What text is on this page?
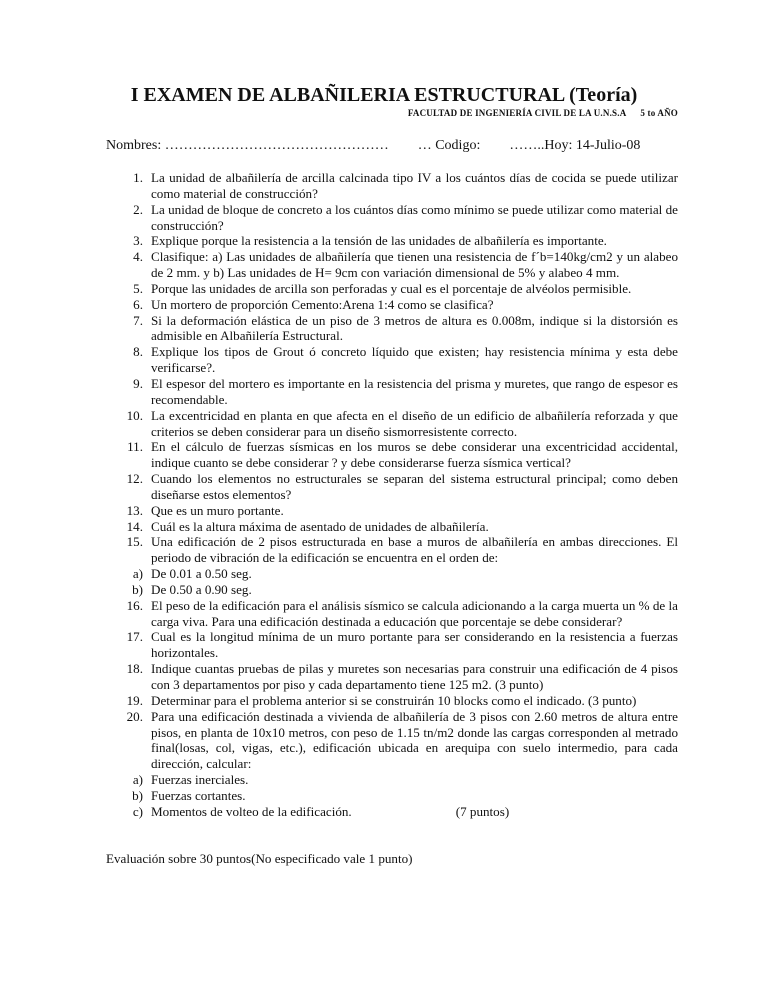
I EXAMEN DE ALBAÑILERIA ESTRUCTURAL (Teoría)
FACULTAD DE INGENIERÍA CIVIL DE LA U.N.S.A 5 to AÑO
Nombres: ………………………………………… … Codigo: ……..Hoy: 14-Julio-08
1. La unidad de albañilería de arcilla calcinada tipo IV a los cuántos días de cocida se puede utilizar como material de construcción?
2. La unidad de bloque de concreto a los cuántos días como mínimo se puede utilizar como material de construcción?
3. Explique porque la resistencia a la tensión de las unidades de albañilería es importante.
4. Clasifique: a) Las unidades de albañilería que tienen una resistencia de f´b=140kg/cm2 y un alabeo de 2 mm. y b) Las unidades de H= 9cm con variación dimensional de 5% y alabeo 4 mm.
5. Porque las unidades de arcilla son perforadas y cual es el porcentaje de alvéolos permisible.
6. Un mortero de proporción Cemento:Arena 1:4 como se clasifica?
7. Si la deformación elástica de un piso de 3 metros de altura es 0.008m, indique si la distorsión es admisible en Albañilería Estructural.
8. Explique los tipos de Grout ó concreto líquido que existen; hay resistencia mínima y esta debe verificarse?.
9. El espesor del mortero es importante en la resistencia del prisma y muretes, que rango de espesor es recomendable.
10. La excentricidad en planta en que afecta en el diseño de un edificio de albañilería reforzada y que criterios se deben considerar para un diseño sismorresistente correcto.
11. En el cálculo de fuerzas sísmicas en los muros se debe considerar una excentricidad accidental, indique cuanto se debe considerar ? y debe considerarse fuerza sísmica vertical?
12. Cuando los elementos no estructurales se separan del sistema estructural principal; como deben diseñarse estos elementos?
13. Que es un muro portante.
14. Cuál es la altura máxima de asentado de unidades de albañilería.
15. Una edificación de 2 pisos estructurada en base a muros de albañilería en ambas direcciones. El periodo de vibración de la edificación se encuentra en el orden de:
a) De 0.01 a 0.50 seg.
b) De 0.50 a 0.90 seg.
16. El peso de la edificación para el análisis sísmico se calcula adicionando a la carga muerta un % de la carga viva. Para una edificación destinada a educación que porcentaje se debe considerar?
17. Cual es la longitud mínima de un muro portante para ser considerando en la resistencia a fuerzas horizontales.
18. Indique cuantas pruebas de pilas y muretes son necesarias para construir una edificación de 4 pisos con 3 departamentos por piso y cada departamento tiene 125 m2. (3 punto)
19. Determinar para el problema anterior si se construirán 10 blocks como el indicado. (3 punto)
20. Para una edificación destinada a vivienda de albañilería de 3 pisos con 2.60 metros de altura entre pisos, en planta de 10x10 metros, con peso de 1.15 tn/m2 donde las cargas corresponden al metrado final(losas, col, vigas, etc.), edificación ubicada en arequipa con suelo intermedio, para cada dirección, calcular:
a) Fuerzas inerciales.
b) Fuerzas cortantes.
c) Momentos de volteo de la edificación.	(7 puntos)
Evaluación sobre 30 puntos(No especificado vale 1 punto)
